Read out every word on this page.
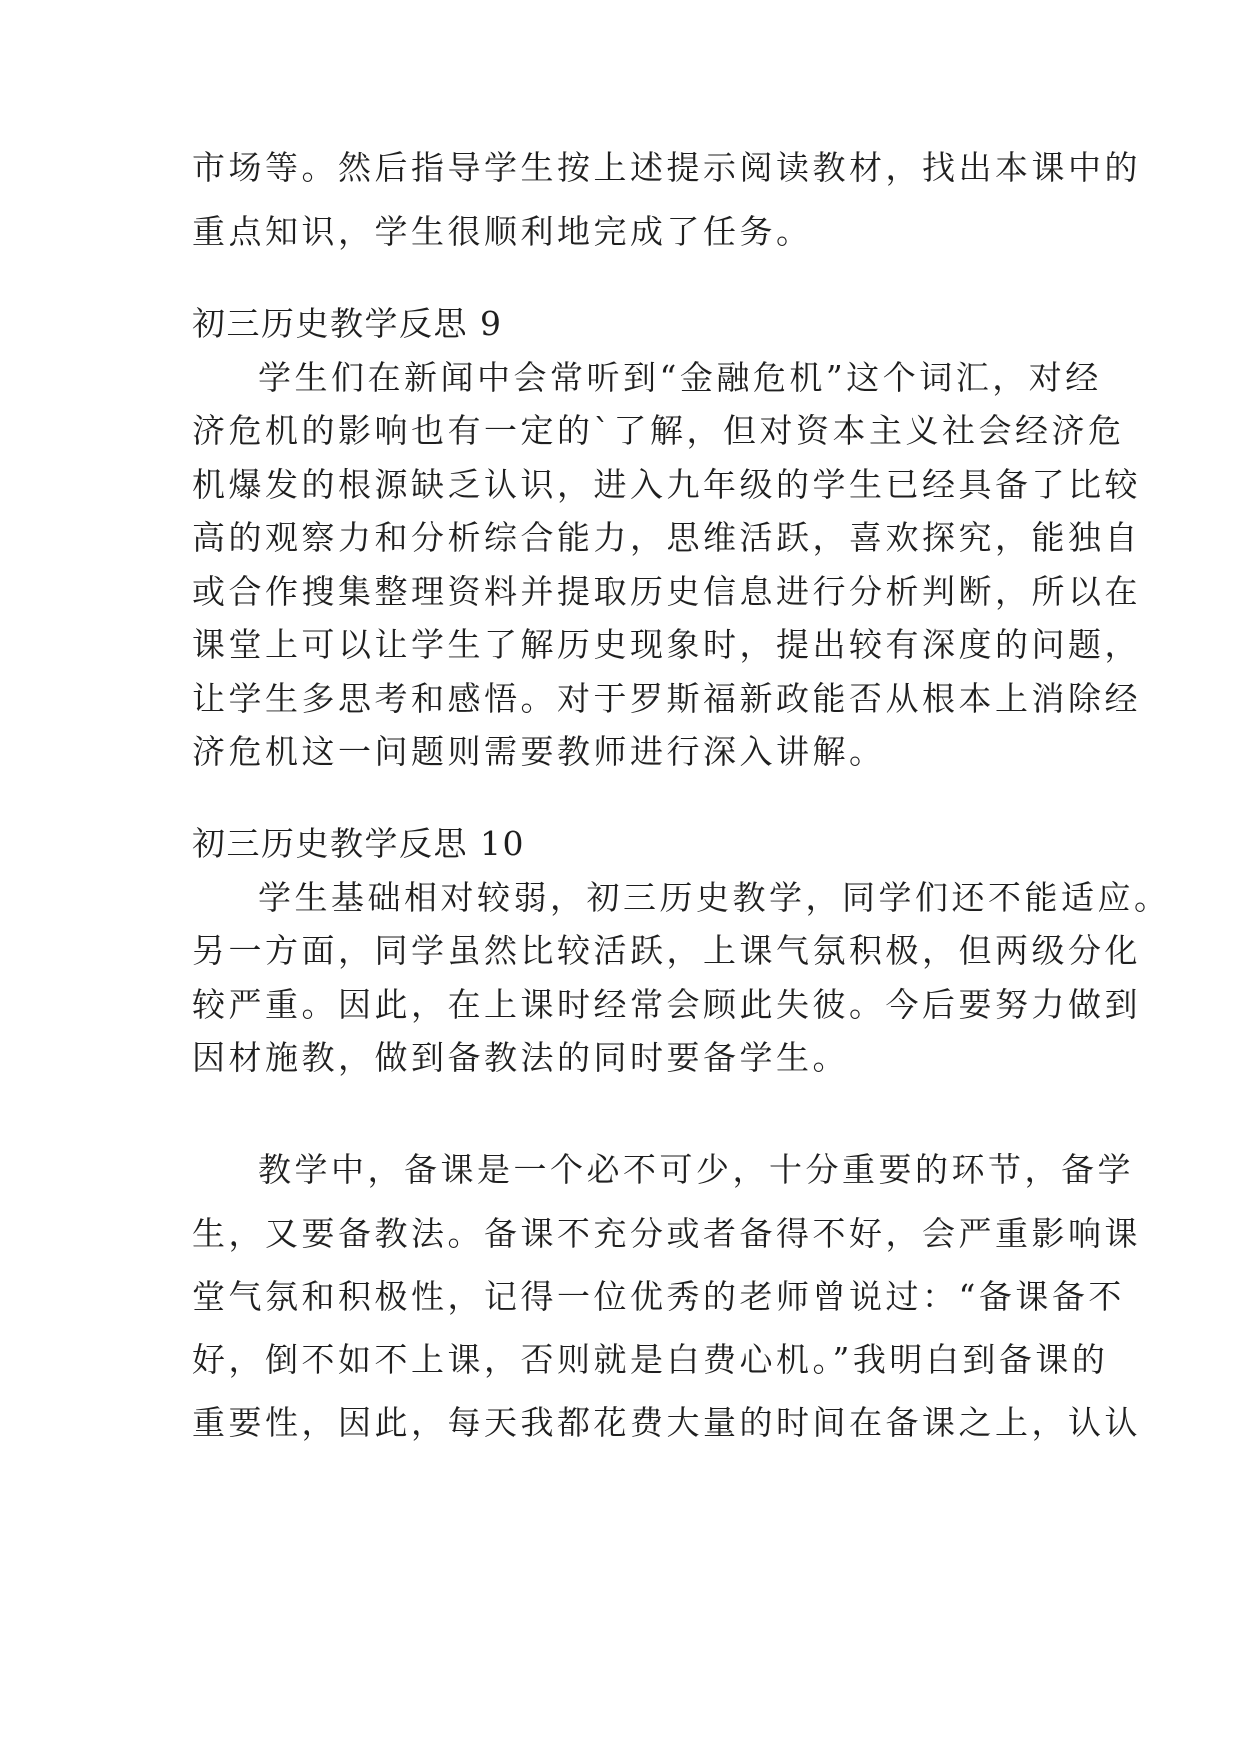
市场等。然后指导学生按上述提示阅读教材，找出本课中的
重点知识，学生很顺利地完成了任务。
初三历史教学反思 9
学生们在新闻中会常听到“金融危机”这个词汇，对经
济危机的影响也有一定的`了解，但对资本主义社会经济危
机爆发的根源缺乏认识，进入九年级的学生已经具备了比较
高的观察力和分析综合能力，思维活跃，喜欢探究，能独自
或合作搜集整理资料并提取历史信息进行分析判断，所以在
课堂上可以让学生了解历史现象时，提出较有深度的问题，
让学生多思考和感悟。对于罗斯福新政能否从根本上消除经
济危机这一问题则需要教师进行深入讲解。
初三历史教学反思 10
学生基础相对较弱，初三历史教学，同学们还不能适应。
另一方面，同学虽然比较活跃，上课气氛积极，但两级分化
较严重。因此，在上课时经常会顾此失彼。今后要努力做到
因材施教，做到备教法的同时要备学生。
教学中，备课是一个必不可少，十分重要的环节，备学
生，又要备教法。备课不充分或者备得不好，会严重影响课
堂气氛和积极性，记得一位优秀的老师曾说过：“备课备不
好，倒不如不上课，否则就是白费心机。”我明白到备课的
重要性，因此，每天我都花费大量的时间在备课之上，认认
